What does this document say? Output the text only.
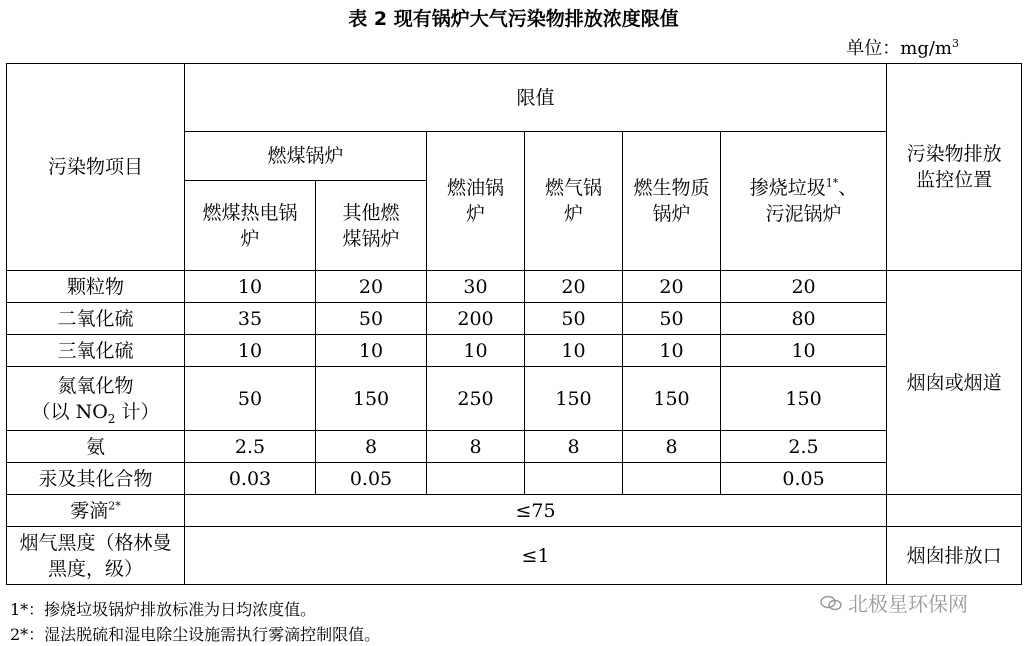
表 2 现有锅炉大气污染物排放浓度限值
单位：$mg/m^3$
污染物项目	限值						污染物排放监控位置

	燃煤锅炉		燃油锅炉	燃气锅炉	燃生物质锅炉	掺烧垃圾$^{1*}$、污泥锅炉	

	燃煤热电锅炉	其他燃煤锅炉					

颗粒物	10	20	30	20	20	20	烟囱或烟道

二氧化硫	35	50	200	50	50	80	
三氧化硫	10	10	10	10	10	10	

氮氧化物
（以 $NO_2$ 计）	50	150	250	150	150	150	
氨	2.5	8	8	8	8	2.5	
汞及其化合物	0.03	0.05				0.05	
雾滴$^{2*}$	≤75						

烟气黑度（格林曼黑度，级）	≤1						烟囱排放口
1*：掺烧垃圾锅炉排放标准为日均浓度值。
2*：湿法脱硫和湿电除尘设施需执行雾滴控制限值。
北极星环保网
